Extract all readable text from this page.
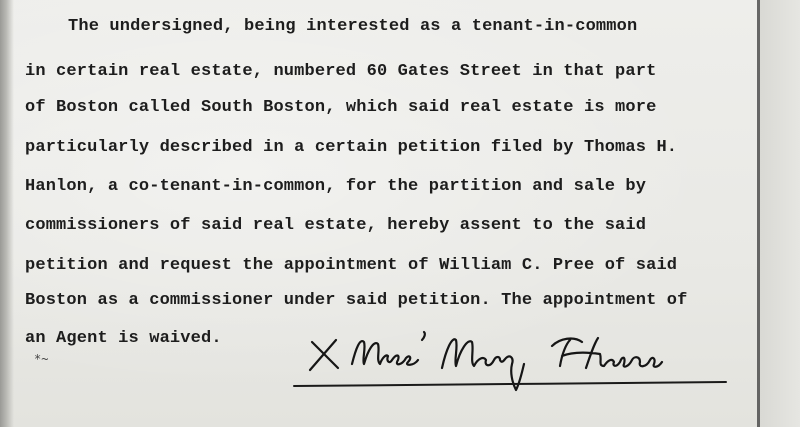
The undersigned, being interested as a tenant-in-common
in certain real estate, numbered 60 Gates Street in that part
of Boston called South Boston, which said real estate is more
particularly described in a certain petition filed by Thomas H.
Hanlon, a co-tenant-in-common, for the partition and sale by
commissioners of said real estate, hereby assent to the said
petition and request the appointment of William C. Pree of said
Boston as a commissioner under said petition. The appointment of
an Agent is waived.
*~
